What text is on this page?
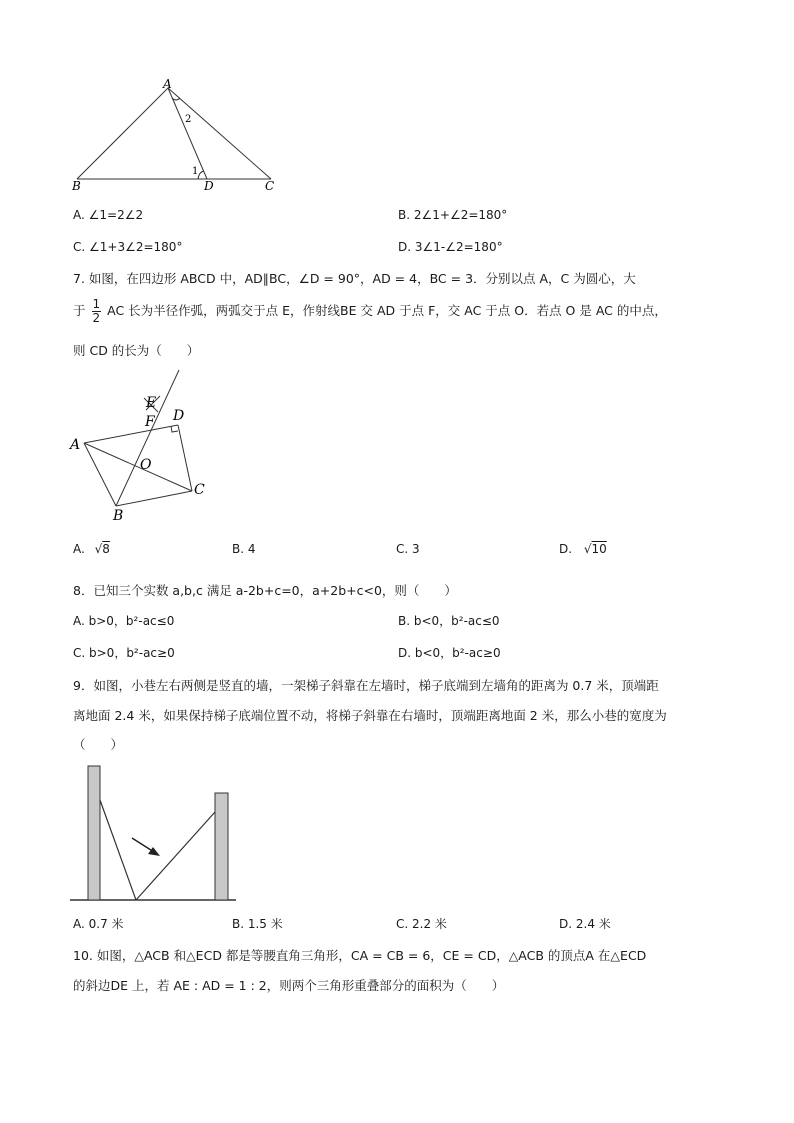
A
B	C
D
1
2
A. ∠1=2∠2	B. 2∠1+∠2=180°
C. ∠1+3∠2=180°	D. 3∠1-∠2=180°
7. 如图，在四边形 ABCD 中，AD∥BC，∠D = 90°，AD = 4，BC = 3．分别以点 A，C 为圆心，大
于 $\frac{1}{2}$ AC 长为半径作弧，两弧交于点 E，作射线BE 交 AD 于点 F，交 AC 于点 O．若点 O 是 AC 的中点，
则 CD 的长为（　　）
A
B
C
D
E
F
O
A. √8	B. 4	C. 3	D. √10
8．已知三个实数 a,b,c 满足 a-2b+c=0，a+2b+c<0，则（　　）
A. b>0，b²-ac≤0	B. b<0，b²-ac≤0
C. b>0，b²-ac≥0	D. b<0，b²-ac≥0
9．如图，小巷左右两侧是竖直的墙，一架梯子斜靠在左墙时，梯子底端到左墙角的距离为 0.7 米，顶端距
离地面 2.4 米，如果保持梯子底端位置不动，将梯子斜靠在右墙时，顶端距离地面 2 米，那么小巷的宽度为
（　　）
A. 0.7 米	B. 1.5 米	C. 2.2 米	D. 2.4 米
10. 如图，△ACB 和△ECD 都是等腰直角三角形，CA = CB = 6，CE = CD，△ACB 的顶点A 在△ECD
的斜边DE 上，若 AE : AD = 1 : 2，则两个三角形重叠部分的面积为（　　）
